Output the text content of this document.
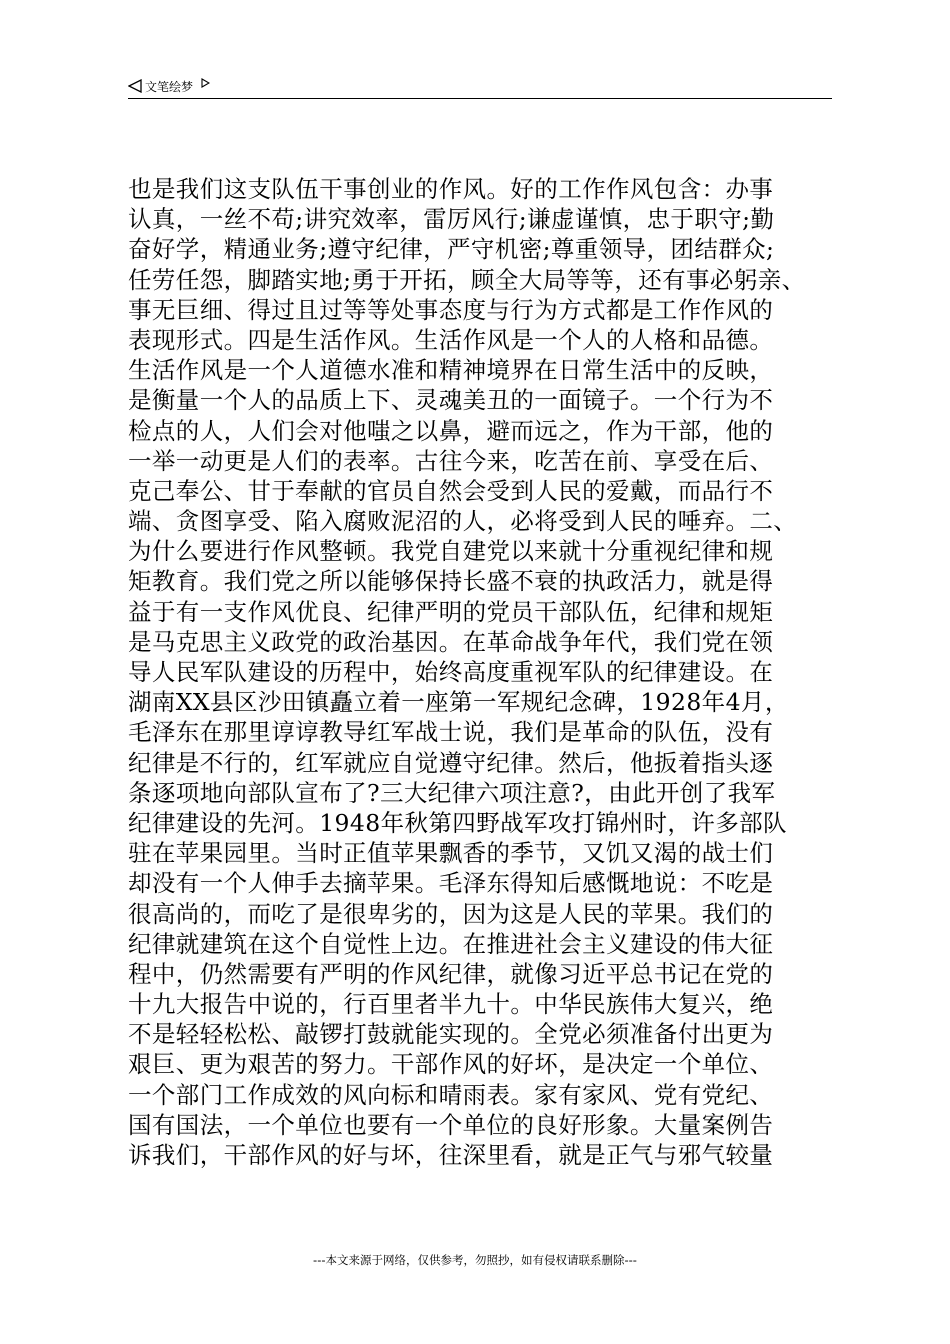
文笔绘梦
也是我们这支队伍干事创业的作风。好的工作作风包含：办事
认真，一丝不苟;讲究效率，雷厉风行;谦虚谨慎，忠于职守;勤
奋好学，精通业务;遵守纪律，严守机密;尊重领导，团结群众;
任劳任怨，脚踏实地;勇于开拓，顾全大局等等，还有事必躬亲、
事无巨细、得过且过等等处事态度与行为方式都是工作作风的
表现形式。四是生活作风。生活作风是一个人的人格和品德。
生活作风是一个人道德水准和精神境界在日常生活中的反映，
是衡量一个人的品质上下、灵魂美丑的一面镜子。一个行为不
检点的人，人们会对他嗤之以鼻，避而远之，作为干部，他的
一举一动更是人们的表率。古往今来，吃苦在前、享受在后、
克己奉公、甘于奉献的官员自然会受到人民的爱戴，而品行不
端、贪图享受、陷入腐败泥沼的人，必将受到人民的唾弃。二、
为什么要进行作风整顿。我党自建党以来就十分重视纪律和规
矩教育。我们党之所以能够保持长盛不衰的执政活力，就是得
益于有一支作风优良、纪律严明的党员干部队伍，纪律和规矩
是马克思主义政党的政治基因。在革命战争年代，我们党在领
导人民军队建设的历程中，始终高度重视军队的纪律建设。在
湖南XX县区沙田镇矗立着一座第一军规纪念碑，1928年4月，
毛泽东在那里谆谆教导红军战士说，我们是革命的队伍，没有
纪律是不行的，红军就应自觉遵守纪律。然后，他扳着指头逐
条逐项地向部队宣布了?三大纪律六项注意?，由此开创了我军
纪律建设的先河。1948年秋第四野战军攻打锦州时，许多部队
驻在苹果园里。当时正值苹果飘香的季节，又饥又渴的战士们
却没有一个人伸手去摘苹果。毛泽东得知后感慨地说：不吃是
很高尚的，而吃了是很卑劣的，因为这是人民的苹果。我们的
纪律就建筑在这个自觉性上边。在推进社会主义建设的伟大征
程中，仍然需要有严明的作风纪律，就像习近平总书记在党的
十九大报告中说的，行百里者半九十。中华民族伟大复兴，绝
不是轻轻松松、敲锣打鼓就能实现的。全党必须准备付出更为
艰巨、更为艰苦的努力。干部作风的好坏，是决定一个单位、
一个部门工作成效的风向标和晴雨表。家有家风、党有党纪、
国有国法，一个单位也要有一个单位的良好形象。大量案例告
诉我们，干部作风的好与坏，往深里看，就是正气与邪气较量
---本文来源于网络，仅供参考，勿照抄，如有侵权请联系删除---
